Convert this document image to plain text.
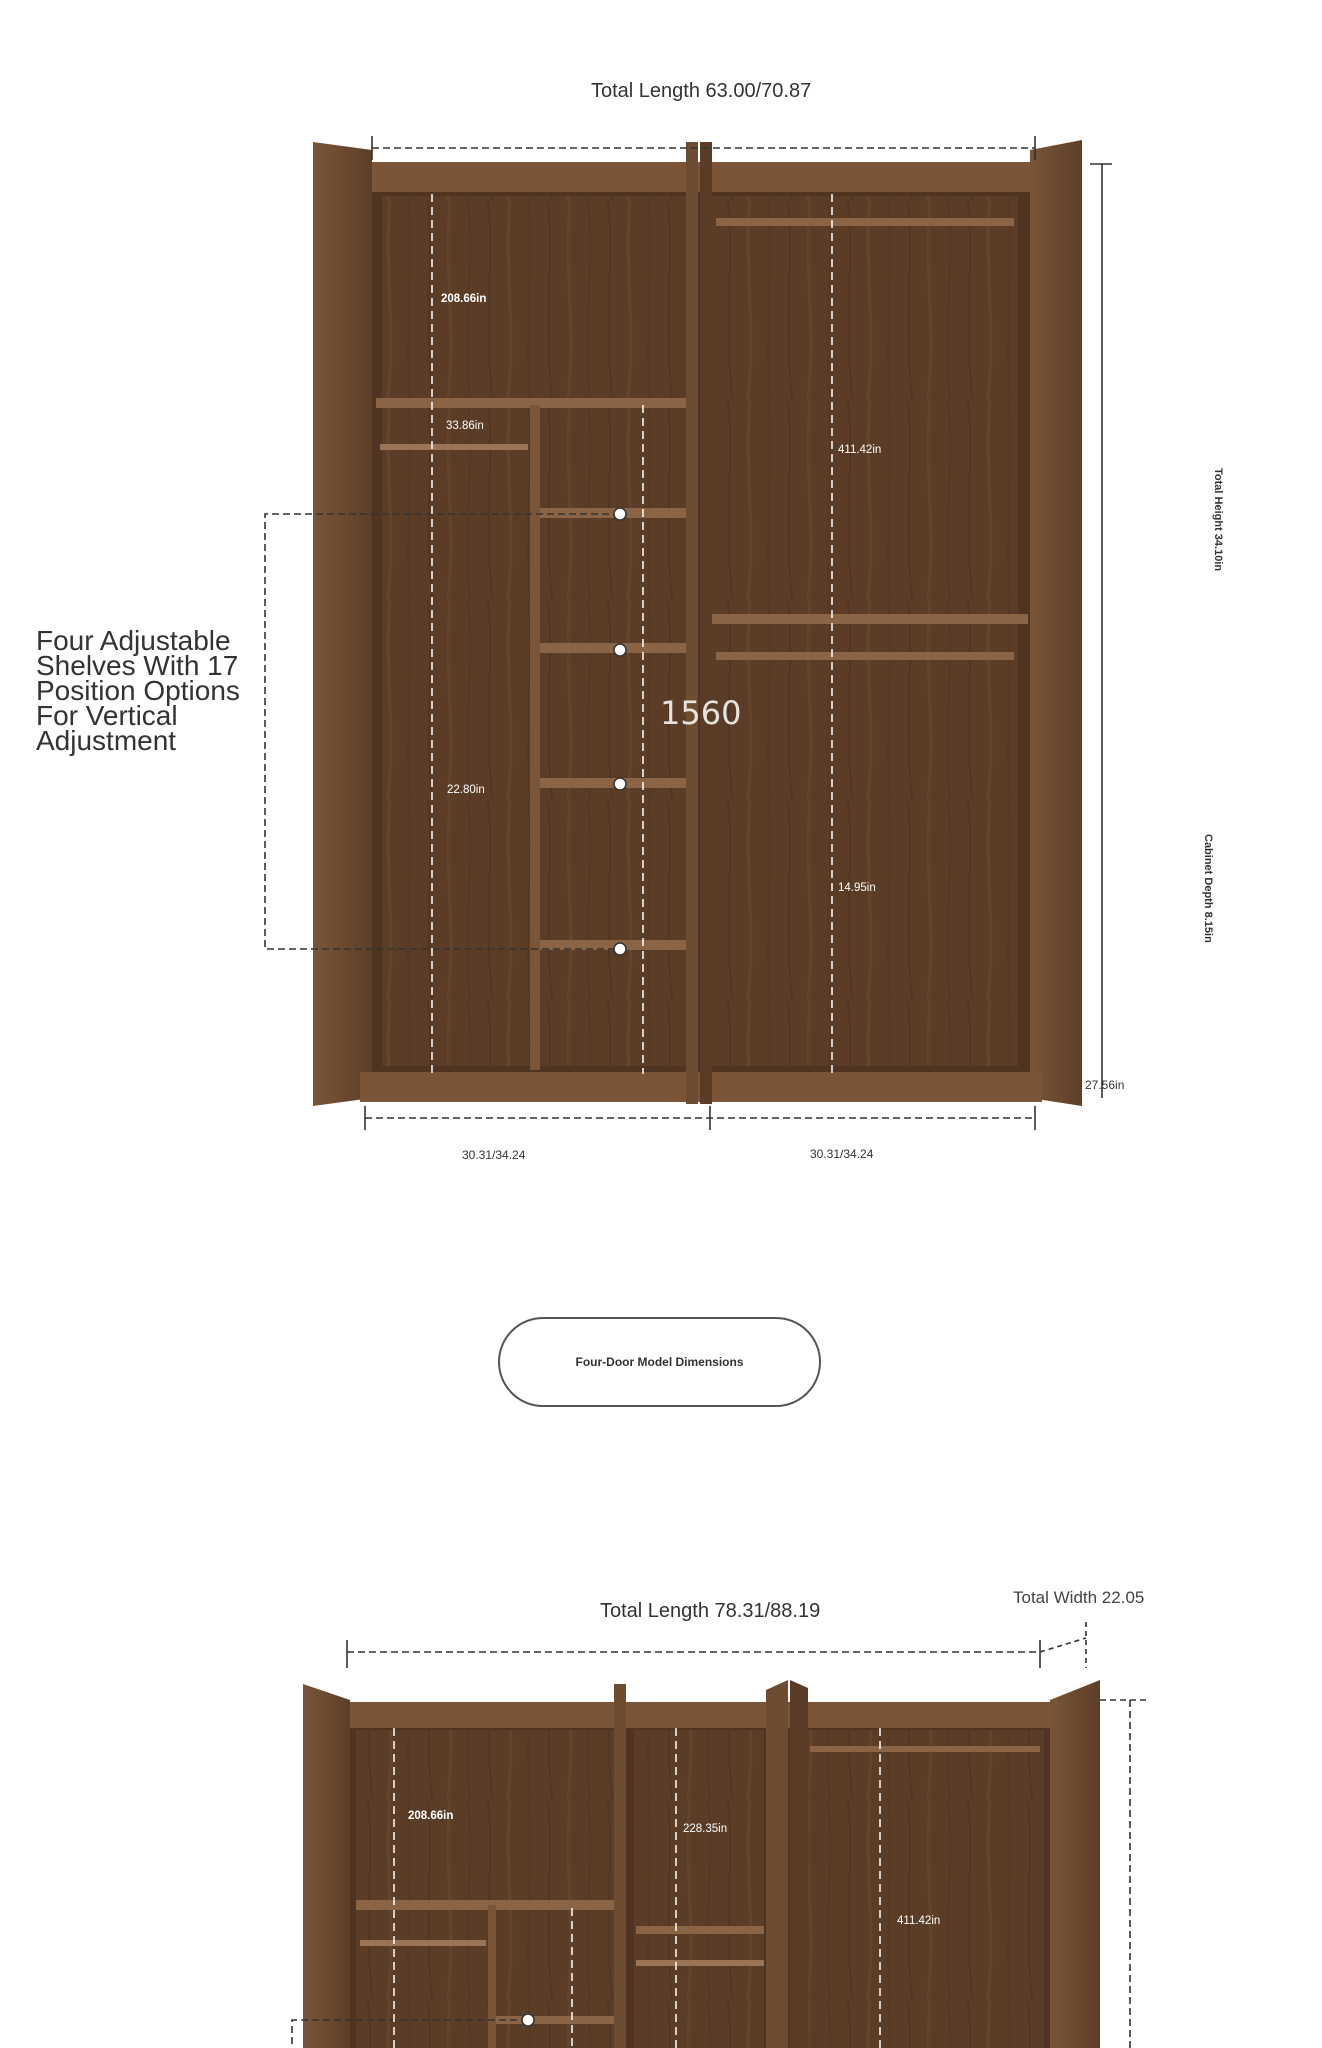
Total Length 63.00/70.87
208.66in
33.86in
411.42in
22.80in
14.95in
1560
Four Adjustable Shelves With 17 Position Options For Vertical Adjustment
Total Height 34.10in
Cabinet Depth 8.15in
27.56in
30.31/34.24	30.31/34.24
Four-Door Model Dimensions
Total Length 78.31/88.19
Total Width 22.05
208.66in
228.35in
411.42in
